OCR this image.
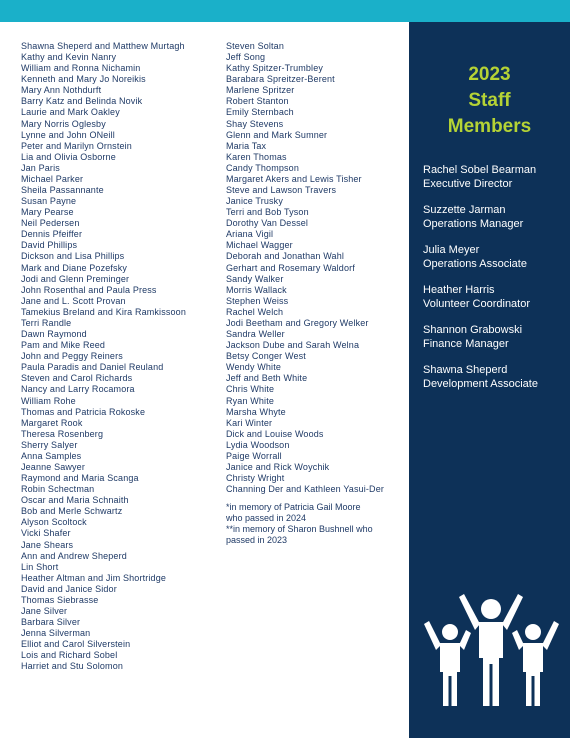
Shawna Sheperd and Matthew Murtagh
Kathy and Kevin Nanry
William and Ronna Nichamin
Kenneth and Mary Jo Noreikis
Mary Ann Nothdurft
Barry Katz and Belinda Novik
Laurie and Mark Oakley
Mary Norris Oglesby
Lynne and John ONeill
Peter and Marilyn Ornstein
Lia and Olivia Osborne
Jan Paris
Michael Parker
Sheila Passannante
Susan Payne
Mary Pearse
Neil Pedersen
Dennis Pfeiffer
David Phillips
Dickson and Lisa Phillips
Mark and Diane Pozefsky
Jodi and Glenn Preminger
John Rosenthal and Paula Press
Jane and L. Scott Provan
Tamekius Breland and Kira Ramkissoon
Terri Randle
Dawn Raymond
Pam and Mike Reed
John and Peggy Reiners
Paula Paradis and Daniel Reuland
Steven and Carol Richards
Nancy and Larry Rocamora
William Rohe
Thomas and Patricia Rokoske
Margaret Rook
Theresa Rosenberg
Sherry Salyer
Anna Samples
Jeanne Sawyer
Raymond and Maria Scanga
Robin Schectman
Oscar and Maria Schnaith
Bob and Merle Schwartz
Alyson Scoltock
Vicki Shafer
Jane Shears
Ann and Andrew Sheperd
Lin Short
Heather Altman and Jim Shortridge
David and Janice Sidor
Thomas Siebrasse
Jane Silver
Barbara Silver
Jenna Silverman
Elliot and Carol Silverstein
Lois and Richard Sobel
Harriet and Stu Solomon
Steven Soltan
Jeff Song
Kathy Spitzer-Trumbley
Barabara Spreitzer-Berent
Marlene Spritzer
Robert Stanton
Emily Sternbach
Shay Stevens
Glenn and Mark Sumner
Maria Tax
Karen Thomas
Candy Thompson
Margaret Akers and Lewis Tisher
Steve and Lawson Travers
Janice Trusky
Terri and Bob Tyson
Dorothy Van Dessel
Ariana Vigil
Michael Wagger
Deborah and Jonathan Wahl
Gerhart and Rosemary Waldorf
Sandy Walker
Morris Wallack
Stephen Weiss
Rachel Welch
Jodi Beetham and Gregory Welker
Sandra Weller
Jackson Dube and Sarah Welna
Betsy Conger West
Wendy White
Jeff and Beth White
Chris White
Ryan White
Marsha Whyte
Kari Winter
Dick and Louise Woods
Lydia Woodson
Paige Worrall
Janice and Rick Woychik
Christy Wright
Channing Der and Kathleen Yasui-Der
*in memory of Patricia Gail Moore
who passed in 2024
**in memory of Sharon Bushnell who
passed in 2023
2023
Staff
Members
Rachel Sobel Bearman
Executive Director
Suzzette Jarman
Operations Manager
Julia Meyer
Operations Associate
Heather Harris
Volunteer Coordinator
Shannon Grabowski
Finance Manager
Shawna Sheperd
Development Associate
